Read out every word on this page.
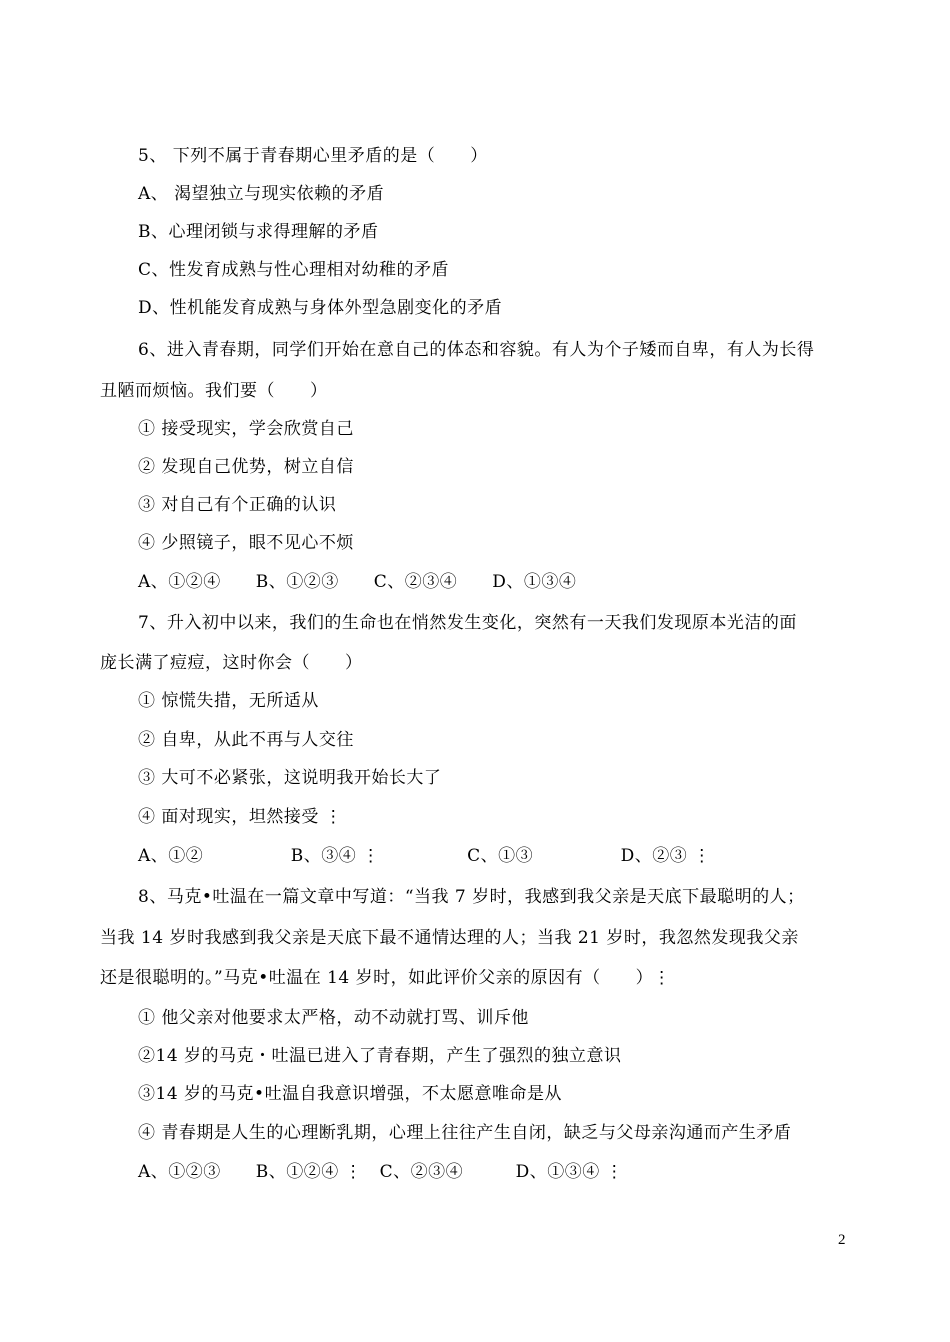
5、 下列不属于青春期心里矛盾的是（　　）
A、 渴望独立与现实依赖的矛盾
B、心理闭锁与求得理解的矛盾
C、性发育成熟与性心理相对幼稚的矛盾
D、性机能发育成熟与身体外型急剧变化的矛盾
6、进入青春期，同学们开始在意自己的体态和容貌。有人为个子矮而自卑，有人为长得
丑陋而烦恼。我们要（　　）
① 接受现实，学会欣赏自己
② 发现自己优势，树立自信
③ 对自己有个正确的认识
④ 少照镜子，眼不见心不烦
A、①②④　　B、①②③　　C、②③④　　D、①③④
7、升入初中以来，我们的生命也在悄然发生变化，突然有一天我们发现原本光洁的面
庞长满了痘痘，这时你会（　　）
① 惊慌失措，无所适从
② 自卑，从此不再与人交往
③ 大可不必紧张，这说明我开始长大了
④ 面对现实，坦然接受 ⋮
A、①②　　　　　B、③④ ⋮　　　　　C、①③　　　　　D、②③ ⋮
8、马克•吐温在一篇文章中写道：“当我 7 岁时，我感到我父亲是天底下最聪明的人；
当我 14 岁时我感到我父亲是天底下最不通情达理的人；当我 21 岁时，我忽然发现我父亲
还是很聪明的。”马克•吐温在 14 岁时，如此评价父亲的原因有（　　）⋮
① 他父亲对他要求太严格，动不动就打骂、训斥他
②14 岁的马克・吐温已进入了青春期，产生了强烈的独立意识
③14 岁的马克•吐温自我意识增强，不太愿意唯命是从
④ 青春期是人生的心理断乳期，心理上往往产生自闭，缺乏与父母亲沟通而产生矛盾
A、①②③　　B、①②④ ⋮　C、②③④　　　D、①③④ ⋮
2
